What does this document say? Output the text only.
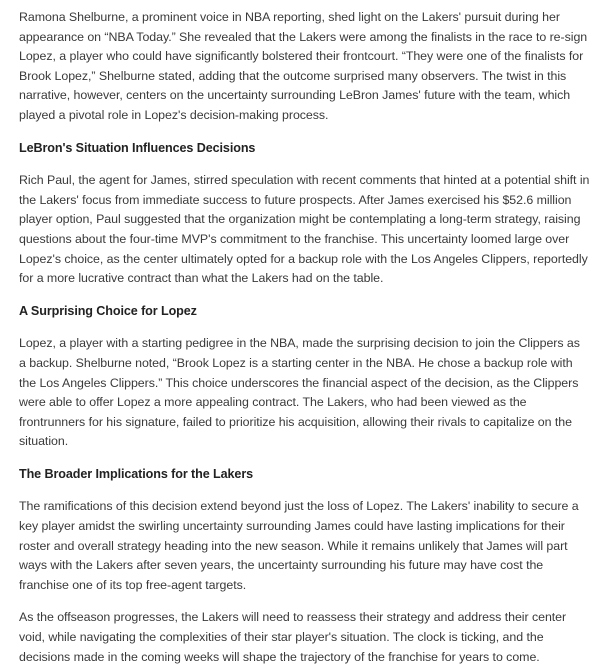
Ramona Shelburne, a prominent voice in NBA reporting, shed light on the Lakers' pursuit during her appearance on “NBA Today.” She revealed that the Lakers were among the finalists in the race to re-sign Lopez, a player who could have significantly bolstered their frontcourt. “They were one of the finalists for Brook Lopez,” Shelburne stated, adding that the outcome surprised many observers. The twist in this narrative, however, centers on the uncertainty surrounding LeBron James' future with the team, which played a pivotal role in Lopez's decision-making process.

LeBron's Situation Influences Decisions

Rich Paul, the agent for James, stirred speculation with recent comments that hinted at a potential shift in the Lakers' focus from immediate success to future prospects. After James exercised his $52.6 million player option, Paul suggested that the organization might be contemplating a long-term strategy, raising questions about the four-time MVP's commitment to the franchise. This uncertainty loomed large over Lopez's choice, as the center ultimately opted for a backup role with the Los Angeles Clippers, reportedly for a more lucrative contract than what the Lakers had on the table.

A Surprising Choice for Lopez

Lopez, a player with a starting pedigree in the NBA, made the surprising decision to join the Clippers as a backup. Shelburne noted, “Brook Lopez is a starting center in the NBA. He chose a backup role with the Los Angeles Clippers.” This choice underscores the financial aspect of the decision, as the Clippers were able to offer Lopez a more appealing contract. The Lakers, who had been viewed as the frontrunners for his signature, failed to prioritize his acquisition, allowing their rivals to capitalize on the situation.

The Broader Implications for the Lakers

The ramifications of this decision extend beyond just the loss of Lopez. The Lakers' inability to secure a key player amidst the swirling uncertainty surrounding James could have lasting implications for their roster and overall strategy heading into the new season. While it remains unlikely that James will part ways with the Lakers after seven years, the uncertainty surrounding his future may have cost the franchise one of its top free-agent targets.

As the offseason progresses, the Lakers will need to reassess their strategy and address their center void, while navigating the complexities of their star player's situation. The clock is ticking, and the decisions made in the coming weeks will shape the trajectory of the franchise for years to come.
